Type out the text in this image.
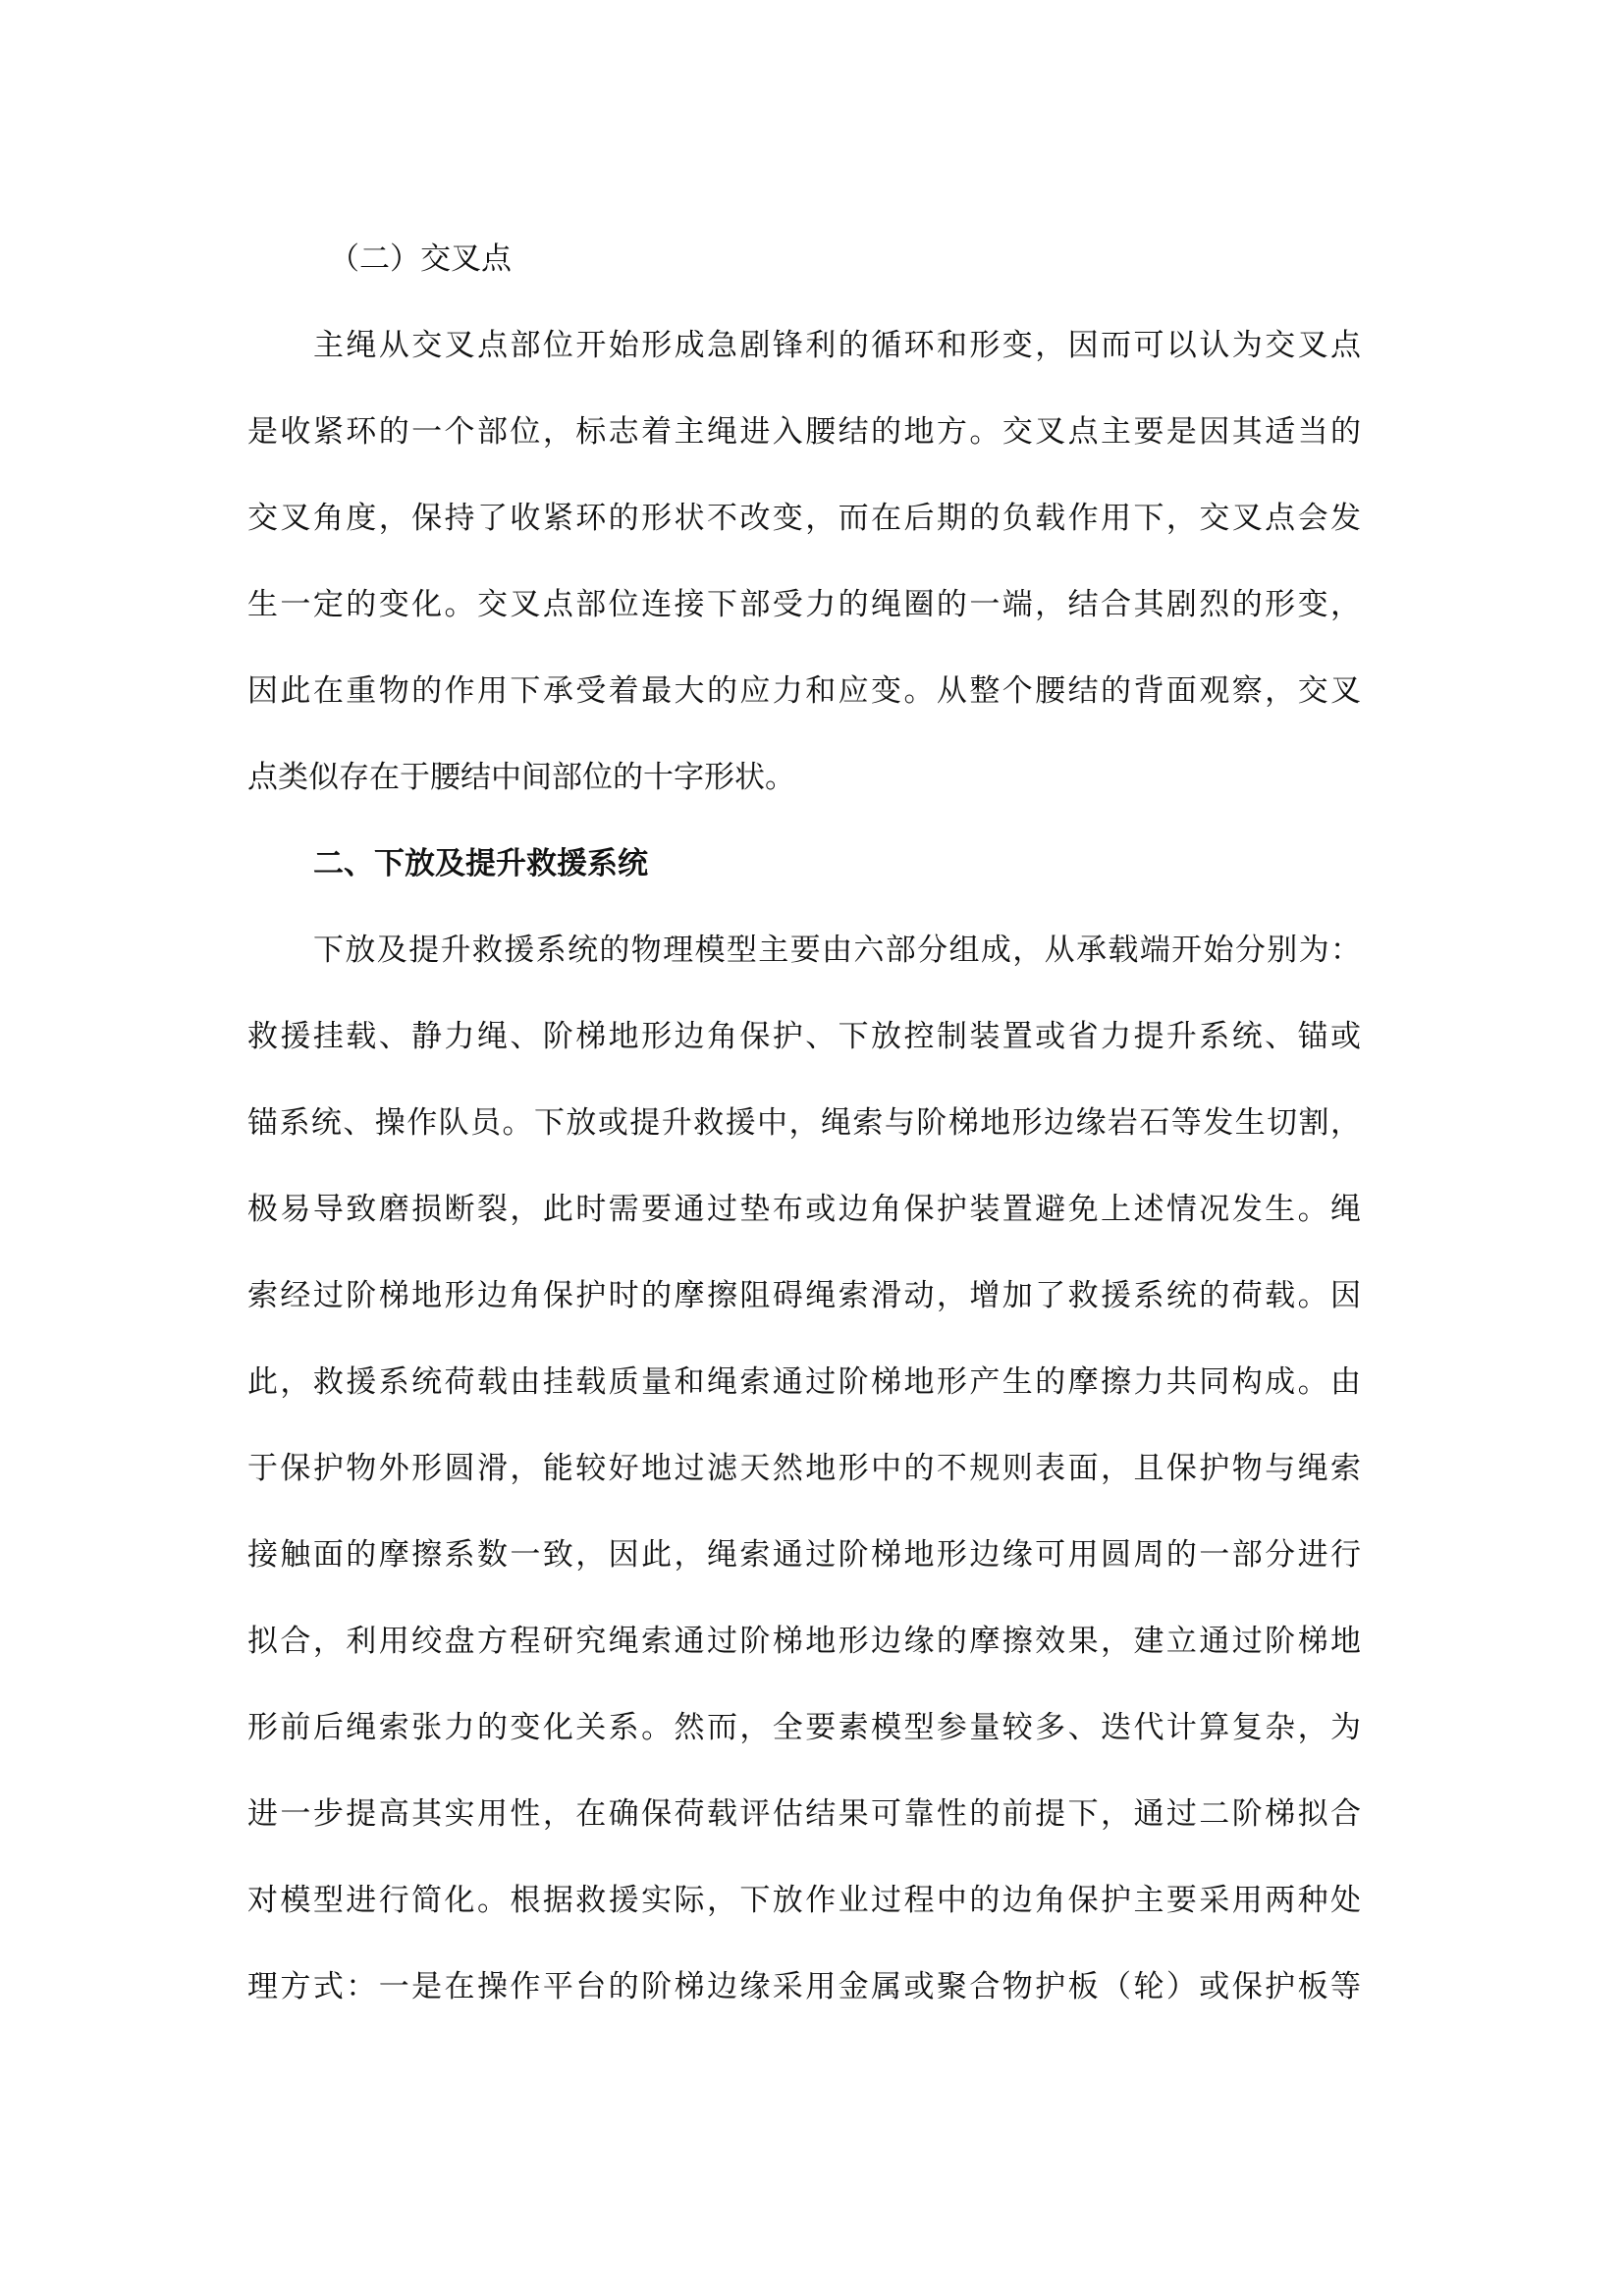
（二）交叉点
主绳从交叉点部位开始形成急剧锋利的循环和形变，因而可以认为交叉点
是收紧环的一个部位，标志着主绳进入腰结的地方。交叉点主要是因其适当的
交叉角度，保持了收紧环的形状不改变，而在后期的负载作用下，交叉点会发
生一定的变化。交叉点部位连接下部受力的绳圈的一端，结合其剧烈的形变，
因此在重物的作用下承受着最大的应力和应变。从整个腰结的背面观察，交叉
点类似存在于腰结中间部位的十字形状。
二、下放及提升救援系统
下放及提升救援系统的物理模型主要由六部分组成，从承载端开始分别为：
救援挂载、静力绳、阶梯地形边角保护、下放控制装置或省力提升系统、锚或
锚系统、操作队员。下放或提升救援中，绳索与阶梯地形边缘岩石等发生切割，
极易导致磨损断裂，此时需要通过垫布或边角保护装置避免上述情况发生。绳
索经过阶梯地形边角保护时的摩擦阻碍绳索滑动，增加了救援系统的荷载。因
此，救援系统荷载由挂载质量和绳索通过阶梯地形产生的摩擦力共同构成。由
于保护物外形圆滑，能较好地过滤天然地形中的不规则表面，且保护物与绳索
接触面的摩擦系数一致，因此，绳索通过阶梯地形边缘可用圆周的一部分进行
拟合，利用绞盘方程研究绳索通过阶梯地形边缘的摩擦效果，建立通过阶梯地
形前后绳索张力的变化关系。然而，全要素模型参量较多、迭代计算复杂，为
进一步提高其实用性，在确保荷载评估结果可靠性的前提下，通过二阶梯拟合
对模型进行简化。根据救援实际，下放作业过程中的边角保护主要采用两种处
理方式：一是在操作平台的阶梯边缘采用金属或聚合物护板（轮）或保护板等
